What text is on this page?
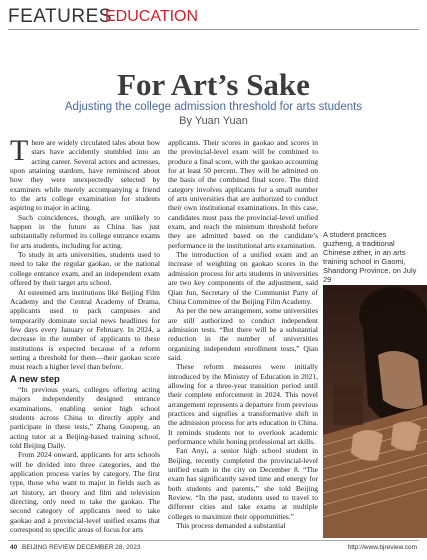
FEATURES
EDUCATION
For Art’s Sake
Adjusting the college admission threshold for arts students
By Yuan Yuan

There are widely circulated tales about how stars have accidently stumbled into an acting career. Several actors and actresses, upon attaining stardom, have reminisced about how they were unexpectedly selected by examiners while merely accompanying a friend to the arts college examination for students aspiring to major in acting.

Such coincidences, though, are unlikely to happen in the future as China has just substantially reformed its college entrance exams for arts students, including for acting.

To study in arts universities, students used to need to take the regular gaokao, or the national college entrance exam, and an independent exam offered by their target arts school.

At esteemed arts institutions like Beijing Film Academy and the Central Academy of Drama, applicants used to pack campuses and temporarily dominate social news headlines for few days every January or February. In 2024, a decrease in the number of applicants to these institutions is expected because of a reform setting a threshold for them—their gaokao score must reach a higher level than before.

A new step

“In previous years, colleges offering acting majors independently designed entrance examinations, enabling senior high school students across China to directly apply and participate in these tests,” Zhang Guopeng, an acting tutor at a Beijing-based training school, told Beijing Daily.

From 2024 onward, applicants for arts schools will be divided into three categories, and the application process varies by category. The first type, those who want to major in fields such as art history, art theory and film and television directing, only need to take the gaokao. The second category of applicants need to take gaokao and a provincial-level unified exams that correspond to specific areas of focus for arts

applicants. Their scores in gaokao and scores in the provincial-level exam will be combined to produce a final score, with the gaokao accounting for at least 50 percent. They will be admitted on the basis of the combined final score. The third category involves applicants for a small number of arts universities that are authorized to conduct their own institutional examinations. In this case, candidates must pass the provincial-level unified exam, and reach the minimum threshold before they are admitted based on the candidate’s performance in the institutional arts examination.

The introduction of a unified exam and an increase of weighting on gaokao scores in the admission process for arts students in universities are two key components of the adjustment, said Qian Jun, Secretary of the Communist Party of China Committee of the Beijing Film Academy.

As per the new arrangement, some universities are still authorized to conduct independent admission tests. “But there will be a substantial reduction in the number of universities organizing independent enrollment tests,” Qian said.

These reform measures were initially introduced by the Ministry of Education in 2021, allowing for a three-year transition period until their complete enforcement in 2024. This novel arrangement represents a departure from previous practices and signifies a transformative shift in the admission process for arts education in China. It reminds students not to overlook academic performance while honing professional art skills.

Fan Anyi, a senior high school student in Beijing, recently completed the provincial-level unified exam in the city on December 8. “The exam has significantly saved time and energy for both students and parents,” she told Beijing Review. “In the past, students used to travel to different cities and take exams at multiple colleges to maximize their opportunities.”

This process demanded a substantial

A student practices guzheng, a traditional Chinese zither, in an arts training school in Gaomi, Shandong Province, on July 29
40 BEIJING REVIEW DECEMBER 28, 2023	http://www.bjreview.com
